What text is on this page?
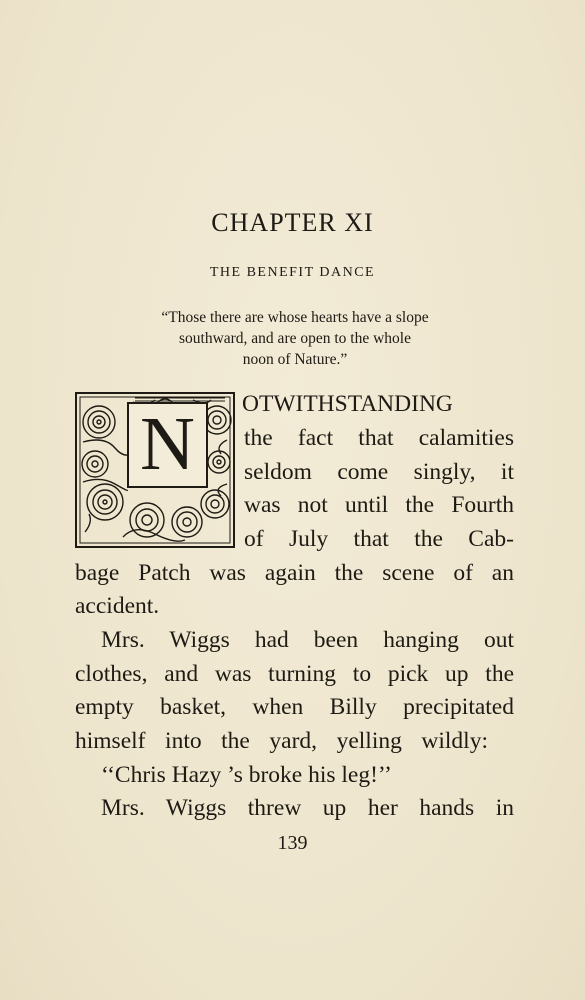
CHAPTER XI
THE BENEFIT DANCE
“Those there are whose hearts have a slope
southward, and are open to the whole
noon of Nature.”
N	OTWITHSTANDING
the fact that calamities
seldom come singly, it
was not until the Fourth
of July that the Cab-
bage Patch was again the scene of an
accident.
Mrs. Wiggs had been hanging out
clothes, and was turning to pick up the
empty basket, when Billy precipitated
himself into the yard, yelling wildly:
‘‘Chris Hazy ’s broke his leg!’’
Mrs. Wiggs threw up her hands in
139
